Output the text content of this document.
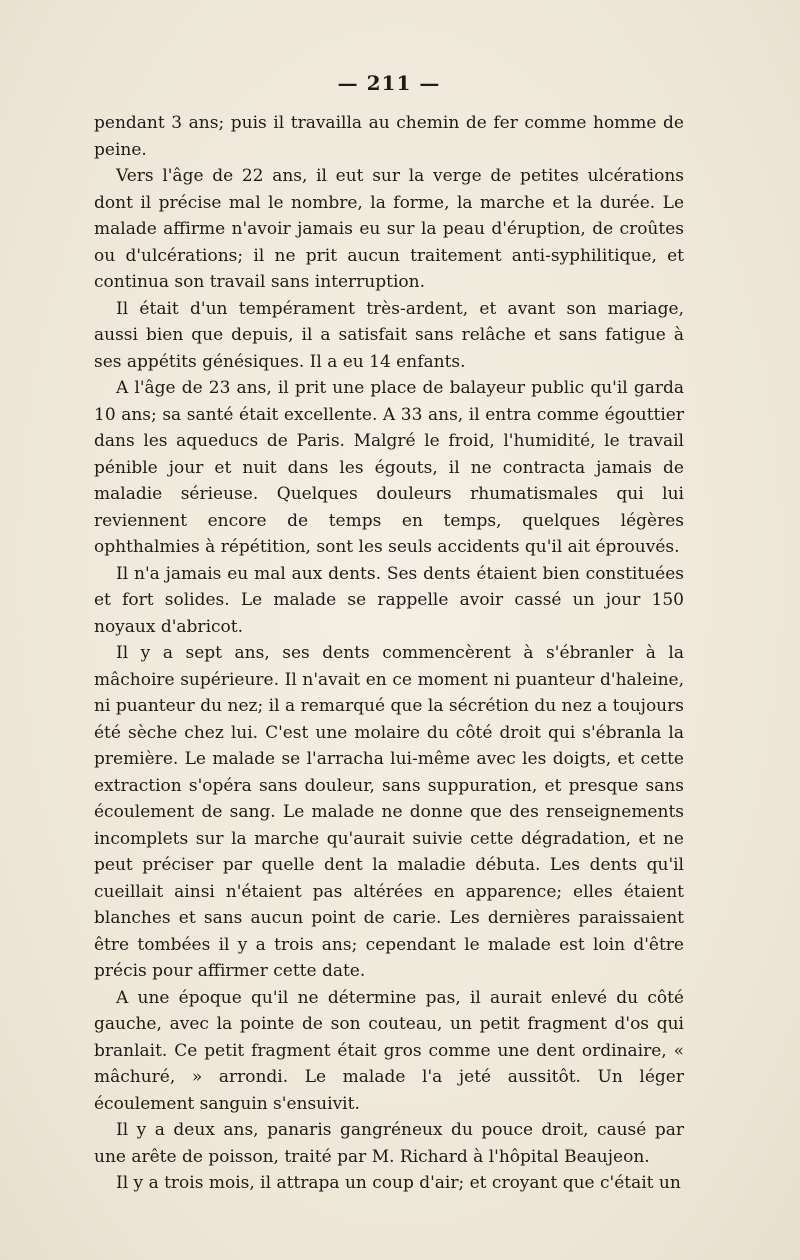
— 211 —

pendant 3 ans; puis il travailla au chemin de fer comme homme de peine.

Vers l'âge de 22 ans, il eut sur la verge de petites ulcérations dont il précise mal le nombre, la forme, la marche et la durée. Le malade affirme n'avoir jamais eu sur la peau d'éruption, de croûtes ou d'ulcérations; il ne prit aucun traitement anti-syphilitique, et continua son travail sans interruption.

Il était d'un tempérament très-ardent, et avant son mariage, aussi bien que depuis, il a satisfait sans relâche et sans fatigue à ses appétits génésiques. Il a eu 14 enfants.

A l'âge de 23 ans, il prit une place de balayeur public qu'il garda 10 ans; sa santé était excellente. A 33 ans, il entra comme égouttier dans les aqueducs de Paris. Malgré le froid, l'humidité, le travail pénible jour et nuit dans les égouts, il ne contracta jamais de maladie sérieuse. Quelques douleurs rhumatismales qui lui reviennent encore de temps en temps, quelques légères ophthalmies à répétition, sont les seuls accidents qu'il ait éprouvés.

Il n'a jamais eu mal aux dents. Ses dents étaient bien constituées et fort solides. Le malade se rappelle avoir cassé un jour 150 noyaux d'abricot.

Il y a sept ans, ses dents commencèrent à s'ébranler à la mâchoire supérieure. Il n'avait en ce moment ni puanteur d'haleine, ni puanteur du nez; il a remarqué que la sécrétion du nez a toujours été sèche chez lui. C'est une molaire du côté droit qui s'ébranla la première. Le malade se l'arracha lui-même avec les doigts, et cette extraction s'opéra sans douleur, sans suppuration, et presque sans écoulement de sang. Le malade ne donne que des renseignements incomplets sur la marche qu'aurait suivie cette dégradation, et ne peut préciser par quelle dent la maladie débuta. Les dents qu'il cueillait ainsi n'étaient pas altérées en apparence; elles étaient blanches et sans aucun point de carie. Les dernières paraissaient être tombées il y a trois ans; cependant le malade est loin d'être précis pour affirmer cette date.

A une époque qu'il ne détermine pas, il aurait enlevé du côté gauche, avec la pointe de son couteau, un petit fragment d'os qui branlait. Ce petit fragment était gros comme une dent ordinaire, « mâchuré, » arrondi. Le malade l'a jeté aussitôt. Un léger écoulement sanguin s'ensuivit.

Il y a deux ans, panaris gangréneux du pouce droit, causé par une arête de poisson, traité par M. Richard à l'hôpital Beaujeon.

Il y a trois mois, il attrapa un coup d'air; et croyant que c'était un
